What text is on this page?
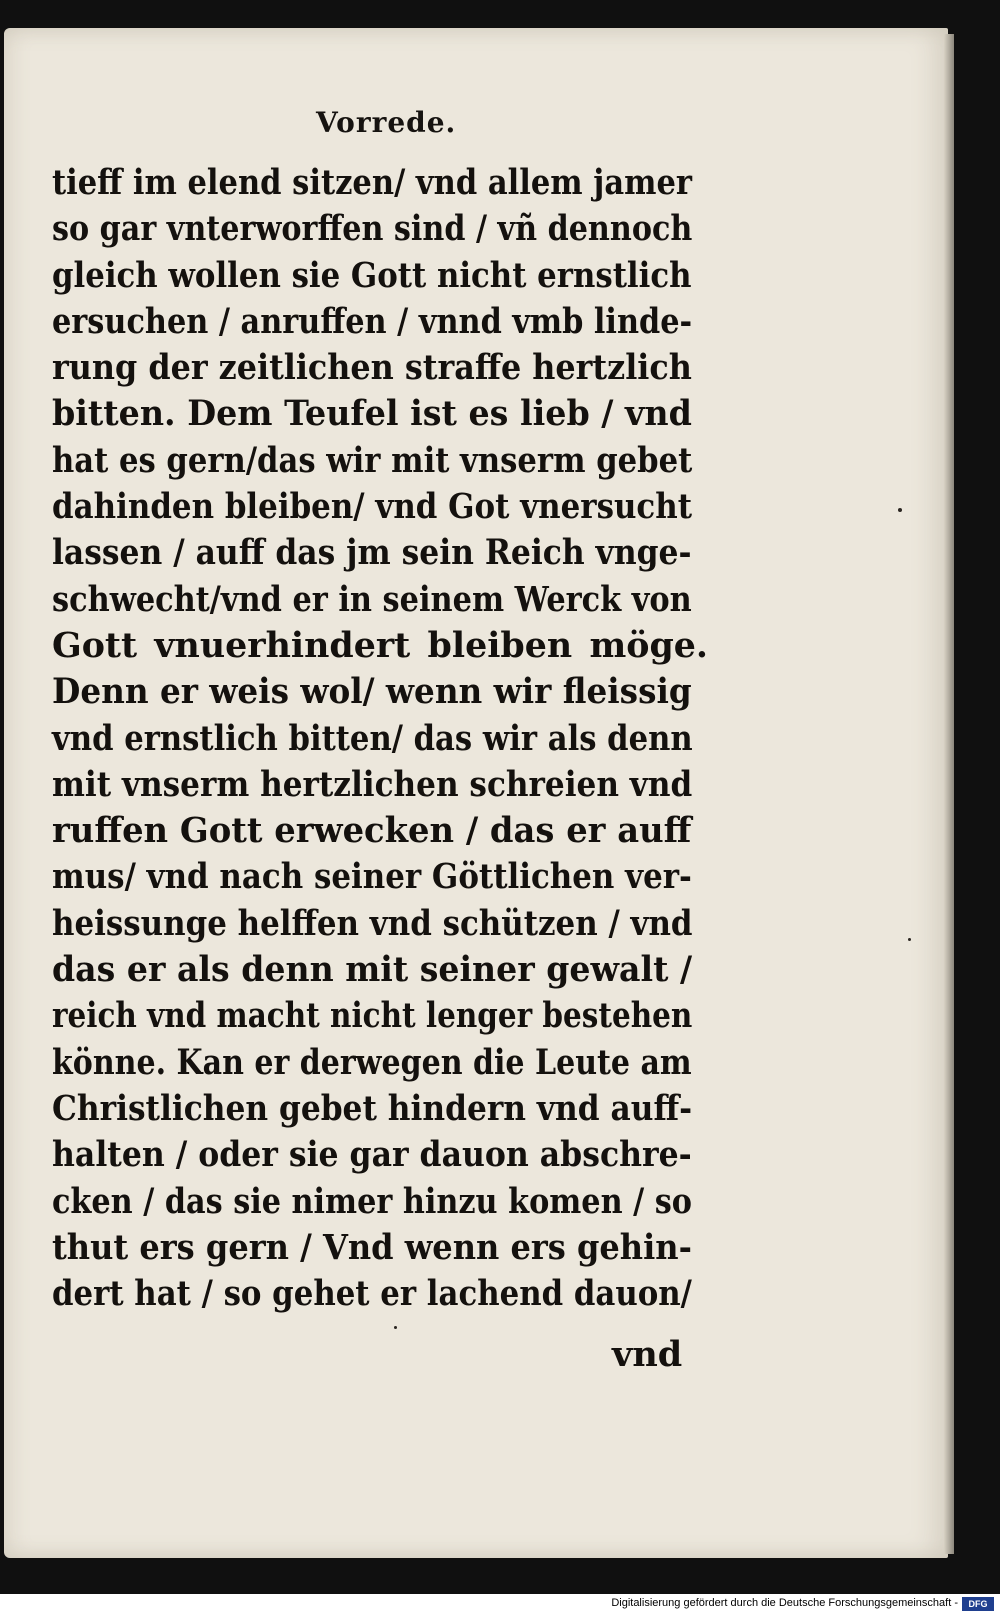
Vorrede.
tieff im elend sitzen/ vnd allem jamer
so gar vnterworffen sind / vñ dennoch
gleich wollen sie Gott nicht ernstlich
ersuchen / anruffen / vnnd vmb linde-
rung der zeitlichen straffe hertzlich
bitten. Dem Teufel ist es lieb / vnd
hat es gern/das wir mit vnserm gebet
dahinden bleiben/ vnd Got vnersucht
lassen / auff das jm sein Reich vnge-
schwecht/vnd er in seinem Werck von
Gott vnuerhindert bleiben möge.
Denn er weis wol/ wenn wir fleissig
vnd ernstlich bitten/ das wir als denn
mit vnserm hertzlichen schreien vnd
ruffen Gott erwecken / das er auff
mus/ vnd nach seiner Göttlichen ver-
heissunge helffen vnd schützen / vnd
das er als denn mit seiner gewalt /
reich vnd macht nicht lenger bestehen
könne. Kan er derwegen die Leute am
Christlichen gebet hindern vnd auff-
halten / oder sie gar dauon abschre-
cken / das sie nimer hinzu komen / so
thut ers gern / Vnd wenn ers gehin-
dert hat / so gehet er lachend dauon/
vnd
Digitalisierung gefördert durch die Deutsche Forschungsgemeinschaft -	DFG
